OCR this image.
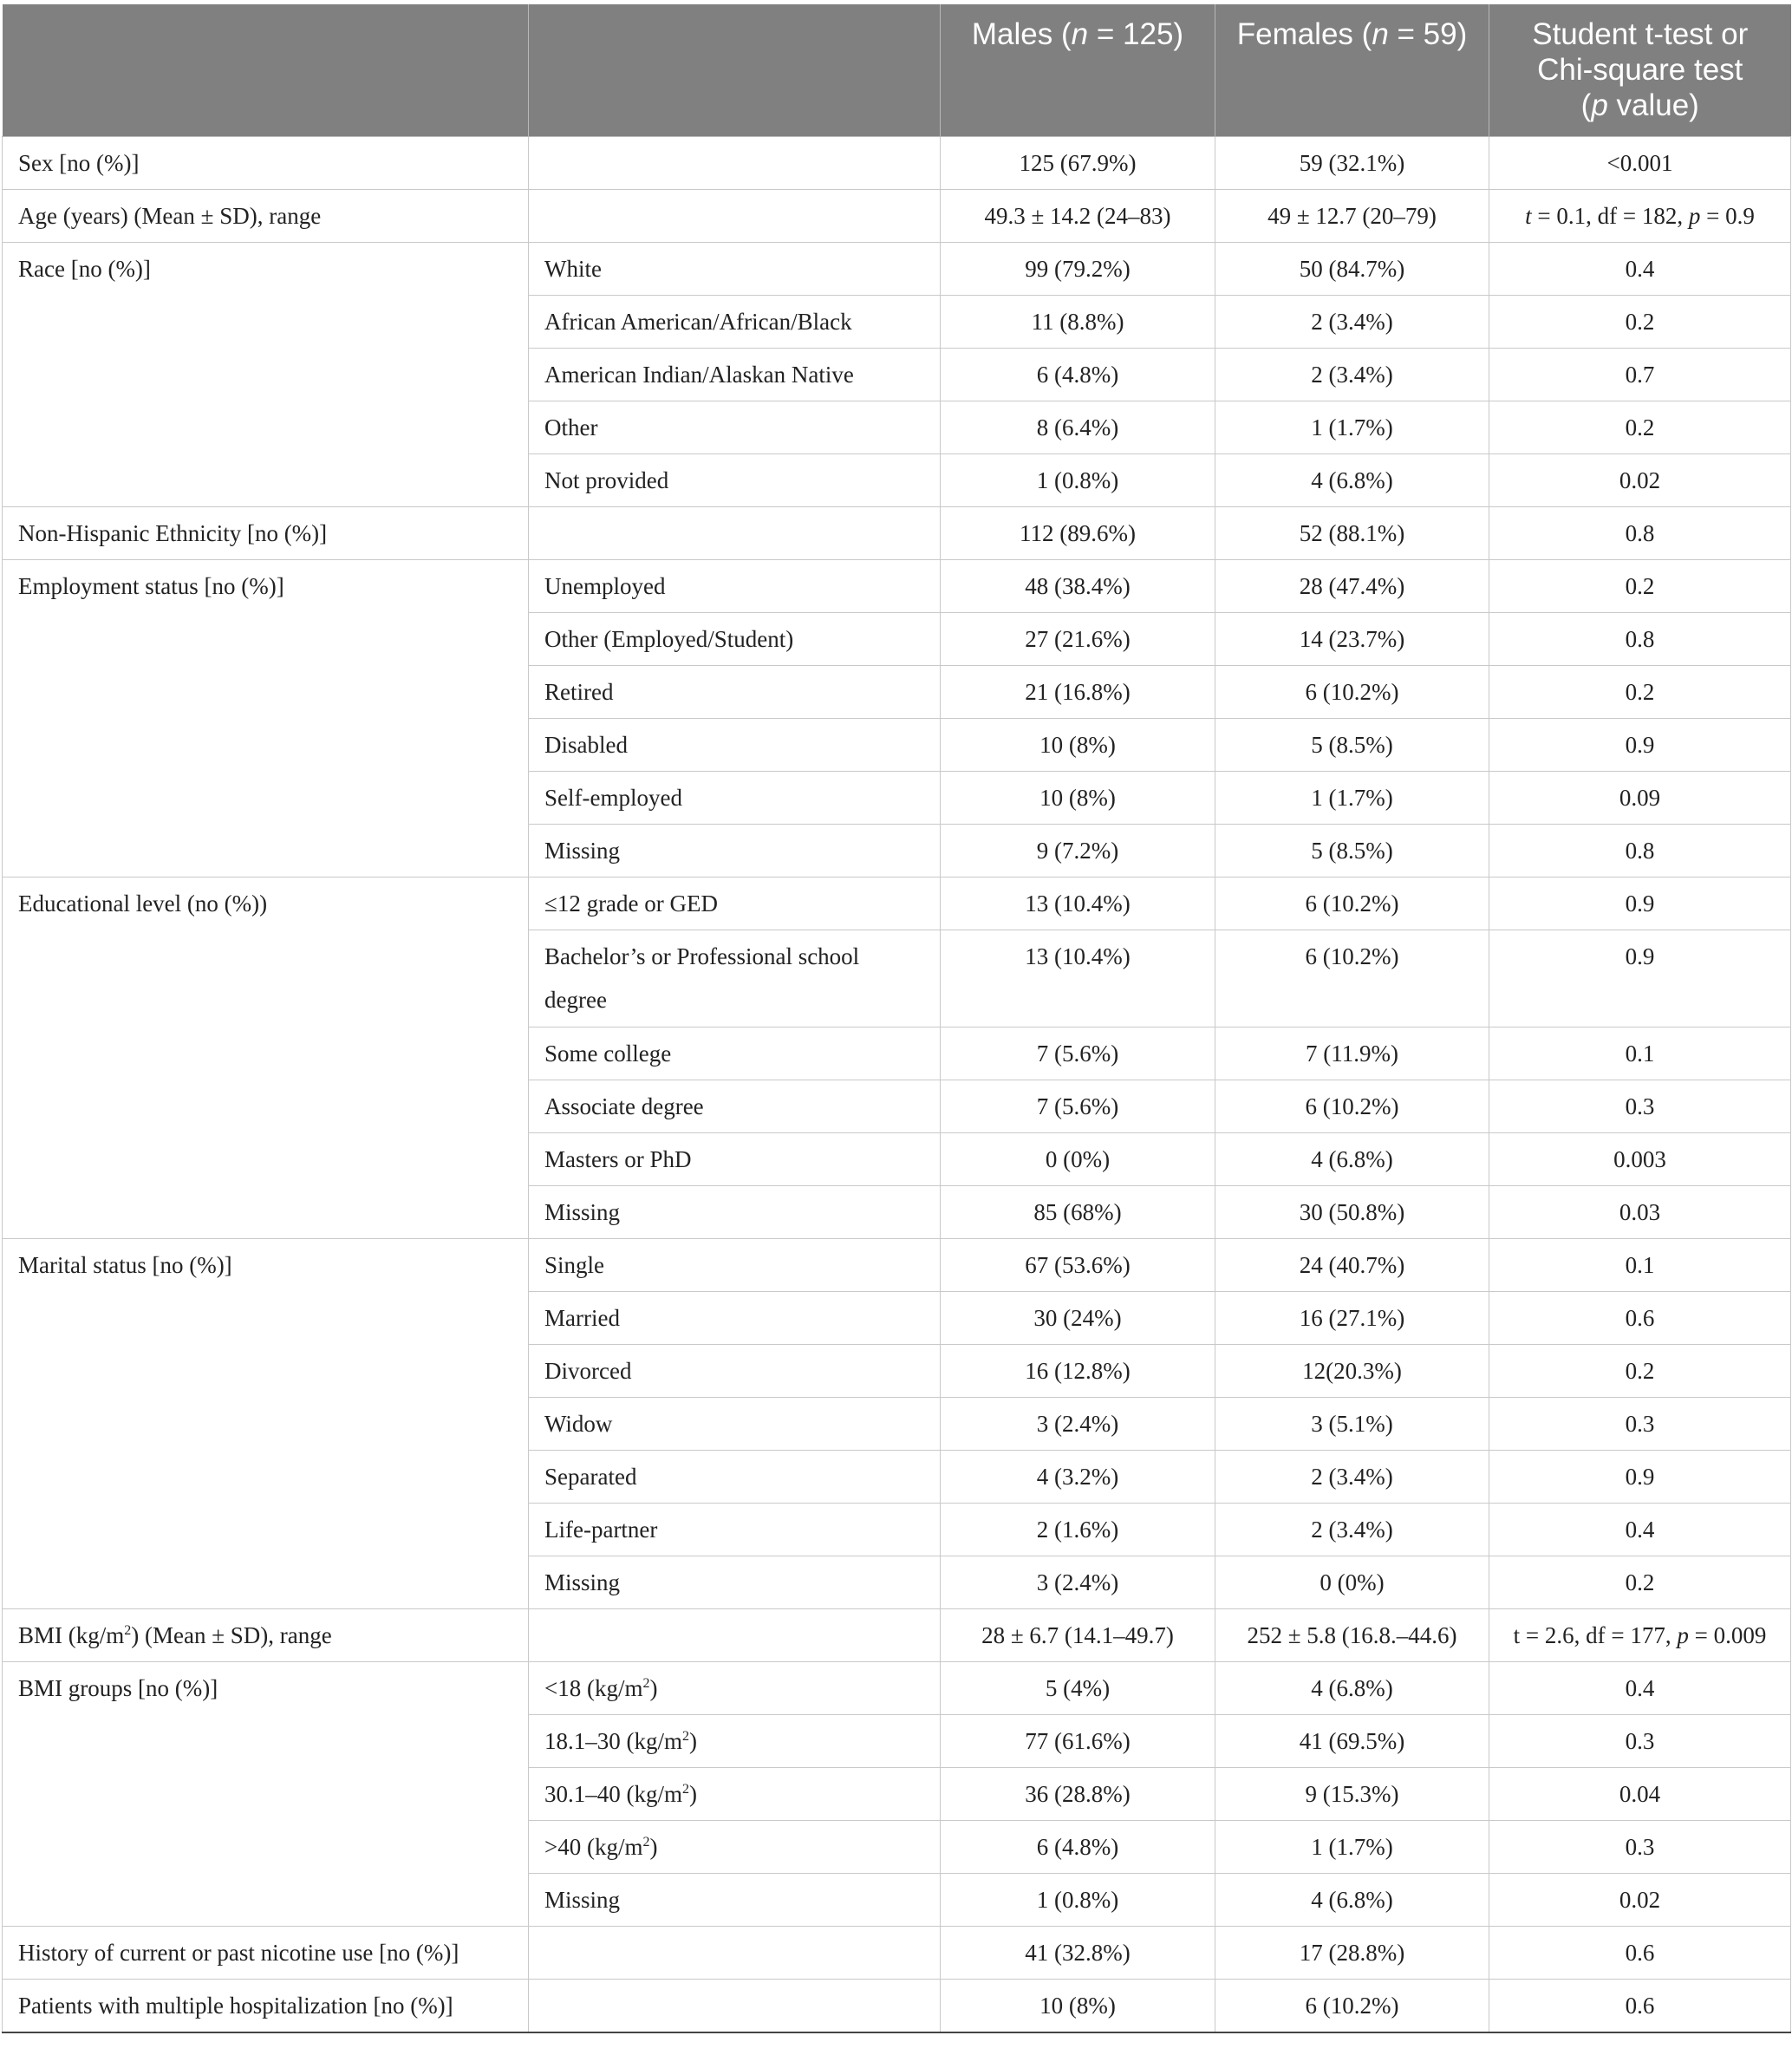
		Males (n = 125)	Females (n = 59)	Student t-test or
Chi-square test
(p value)
Sex [no (%)]		125 (67.9%)	59 (32.1%)	<0.001
Age (years) (Mean ± SD), range		49.3 ± 14.2 (24–83)	49 ± 12.7 (20–79)	t = 0.1, df = 182, p = 0.9
Race [no (%)]	White	99 (79.2%)	50 (84.7%)	0.4
	African American/African/Black	11 (8.8%)	2 (3.4%)	0.2
	American Indian/Alaskan Native	6 (4.8%)	2 (3.4%)	0.7
	Other	8 (6.4%)	1 (1.7%)	0.2
	Not provided	1 (0.8%)	4 (6.8%)	0.02
Non-Hispanic Ethnicity [no (%)]		112 (89.6%)	52 (88.1%)	0.8
Employment status [no (%)]	Unemployed	48 (38.4%)	28 (47.4%)	0.2
	Other (Employed/Student)	27 (21.6%)	14 (23.7%)	0.8
	Retired	21 (16.8%)	6 (10.2%)	0.2
	Disabled	10 (8%)	5 (8.5%)	0.9
	Self-employed	10 (8%)	1 (1.7%)	0.09
	Missing	9 (7.2%)	5 (8.5%)	0.8
Educational level (no (%))	≤12 grade or GED	13 (10.4%)	6 (10.2%)	0.9
	Bachelor’s or Professional school degree	13 (10.4%)	6 (10.2%)	0.9
	Some college	7 (5.6%)	7 (11.9%)	0.1
	Associate degree	7 (5.6%)	6 (10.2%)	0.3
	Masters or PhD	0 (0%)	4 (6.8%)	0.003
	Missing	85 (68%)	30 (50.8%)	0.03
Marital status [no (%)]	Single	67 (53.6%)	24 (40.7%)	0.1
	Married	30 (24%)	16 (27.1%)	0.6
	Divorced	16 (12.8%)	12(20.3%)	0.2
	Widow	3 (2.4%)	3 (5.1%)	0.3
	Separated	4 (3.2%)	2 (3.4%)	0.9
	Life-partner	2 (1.6%)	2 (3.4%)	0.4
	Missing	3 (2.4%)	0 (0%)	0.2
BMI $(kg/m^2)$ (Mean ± SD), range		28 ± 6.7 (14.1–49.7)	252 ± 5.8 (16.8.–44.6)	t = 2.6, df = 177, p = 0.009
BMI groups [no (%)]	<18 $(kg/m^2)$	5 (4%)	4 (6.8%)	0.4
	18.1–30 $(kg/m^2)$	77 (61.6%)	41 (69.5%)	0.3
	30.1–40 $(kg/m^2)$	36 (28.8%)	9 (15.3%)	0.04
	>40 $(kg/m^2)$	6 (4.8%)	1 (1.7%)	0.3
	Missing	1 (0.8%)	4 (6.8%)	0.02
History of current or past nicotine use [no (%)]		41 (32.8%)	17 (28.8%)	0.6
Patients with multiple hospitalization [no (%)]		10 (8%)	6 (10.2%)	0.6
